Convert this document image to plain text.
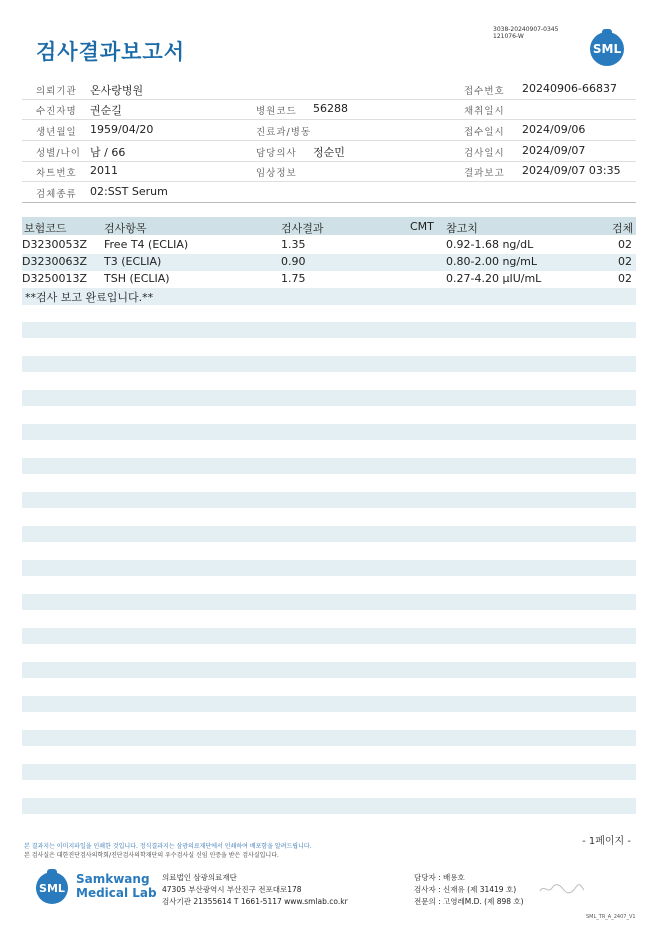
검사결과보고서
3038-20240907-0345
121076-W
SML
의뢰기관 온사랑병원	접수번호 20240906-66837
수진자명 권순길	병원코드 56288	채취일시
생년월일 1959/04/20	진료과/병동	접수일시 2024/09/06
성별/나이 남 / 66	담당의사 정순민	검사일시 2024/09/07
차트번호 2011	임상정보	결과보고 2024/09/07 03:35
검체종류 02:SST Serum
보험코드	검사항목	검사결과	CMT 참고치	검체
D3230053Z Free T4 (ECLIA)	1.35	0.92-1.68 ng/dL	02
D3230063Z T3 (ECLIA)	0.90	0.80-2.00 ng/mL	02
D3250013Z TSH (ECLIA)	1.75	0.27-4.20 µIU/mL	02
**검사 보고 완료입니다.**
- 1페이지 -
본 결과지는 이미지파일을 인쇄한 것입니다. 정식결과지는 삼광의료재단에서 인쇄하여 배포함을 알려드립니다.
본 검사실은 대한진단검사의학회/진단검사의학재단의 우수검사실 신임 인증을 받은 검사실입니다.
SML
Samkwang
Medical Lab
의료법인 삼광의료재단
47305 부산광역시 부산진구 전포대로178
검사기관 21355614 T 1661-5117 www.smlab.co.kr
담당자 : 배용호
검사자 : 신재유 (제 31419 호)
전문의 : 고영레M.D. (제 898 호)
SML_TR_A_2407_V1
